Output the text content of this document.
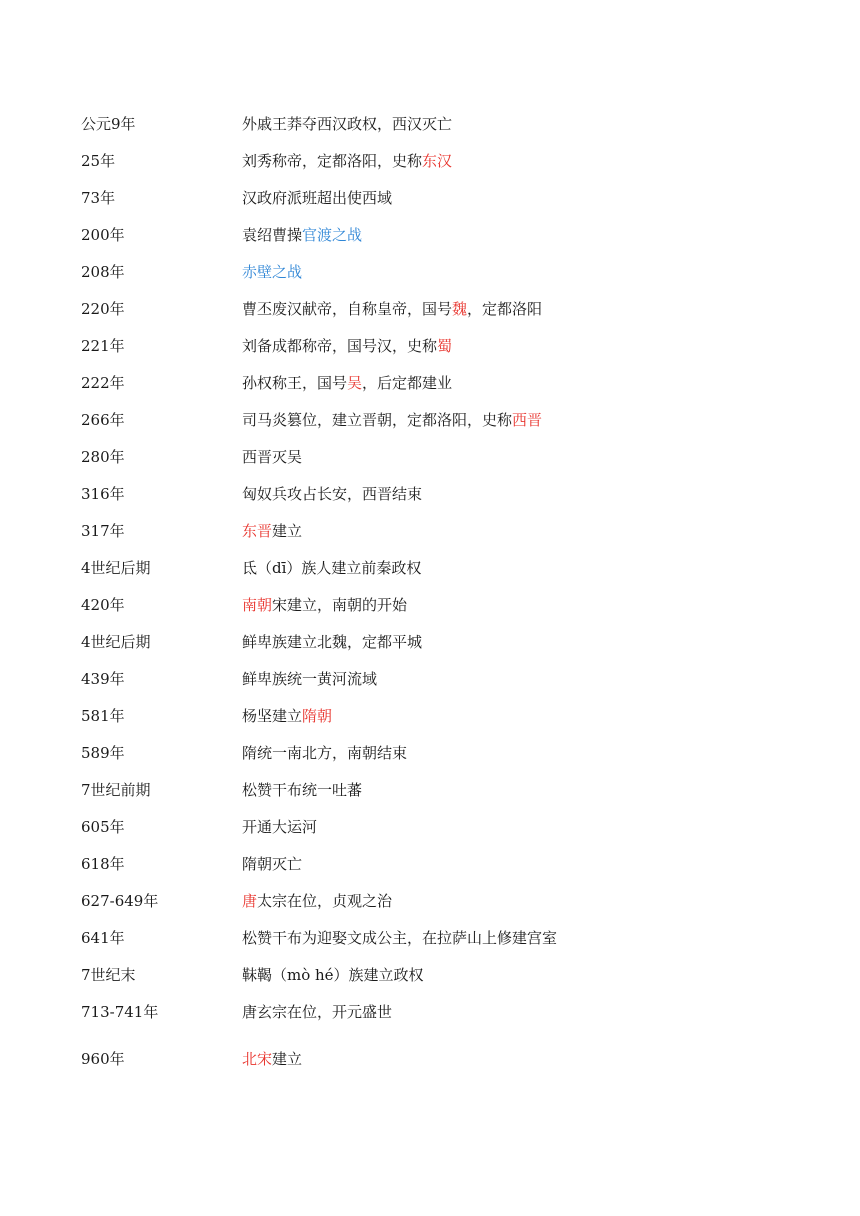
公元9年	外戚王莽夺西汉政权，西汉灭亡
25年	刘秀称帝，定都洛阳，史称东汉
73年	汉政府派班超出使西域
200年	袁绍曹操官渡之战
208年	赤壁之战
220年	曹丕废汉献帝，自称皇帝，国号魏，定都洛阳
221年	刘备成都称帝，国号汉，史称蜀
222年	孙权称王，国号吴，后定都建业
266年	司马炎篡位，建立晋朝，定都洛阳，史称西晋
280年	西晋灭吴
316年	匈奴兵攻占长安，西晋结束
317年	东晋建立
4世纪后期	氐（dī）族人建立前秦政权
420年	南朝宋建立，南朝的开始
4世纪后期	鲜卑族建立北魏，定都平城
439年	鲜卑族统一黄河流域
581年	杨坚建立隋朝
589年	隋统一南北方，南朝结束
7世纪前期	松赞干布统一吐蕃
605年	开通大运河
618年	隋朝灭亡
627-649年	唐太宗在位，贞观之治
641年	松赞干布为迎娶文成公主，在拉萨山上修建宫室
7世纪末	靺鞨（mò hé）族建立政权
713-741年	唐玄宗在位，开元盛世
960年	北宋建立
